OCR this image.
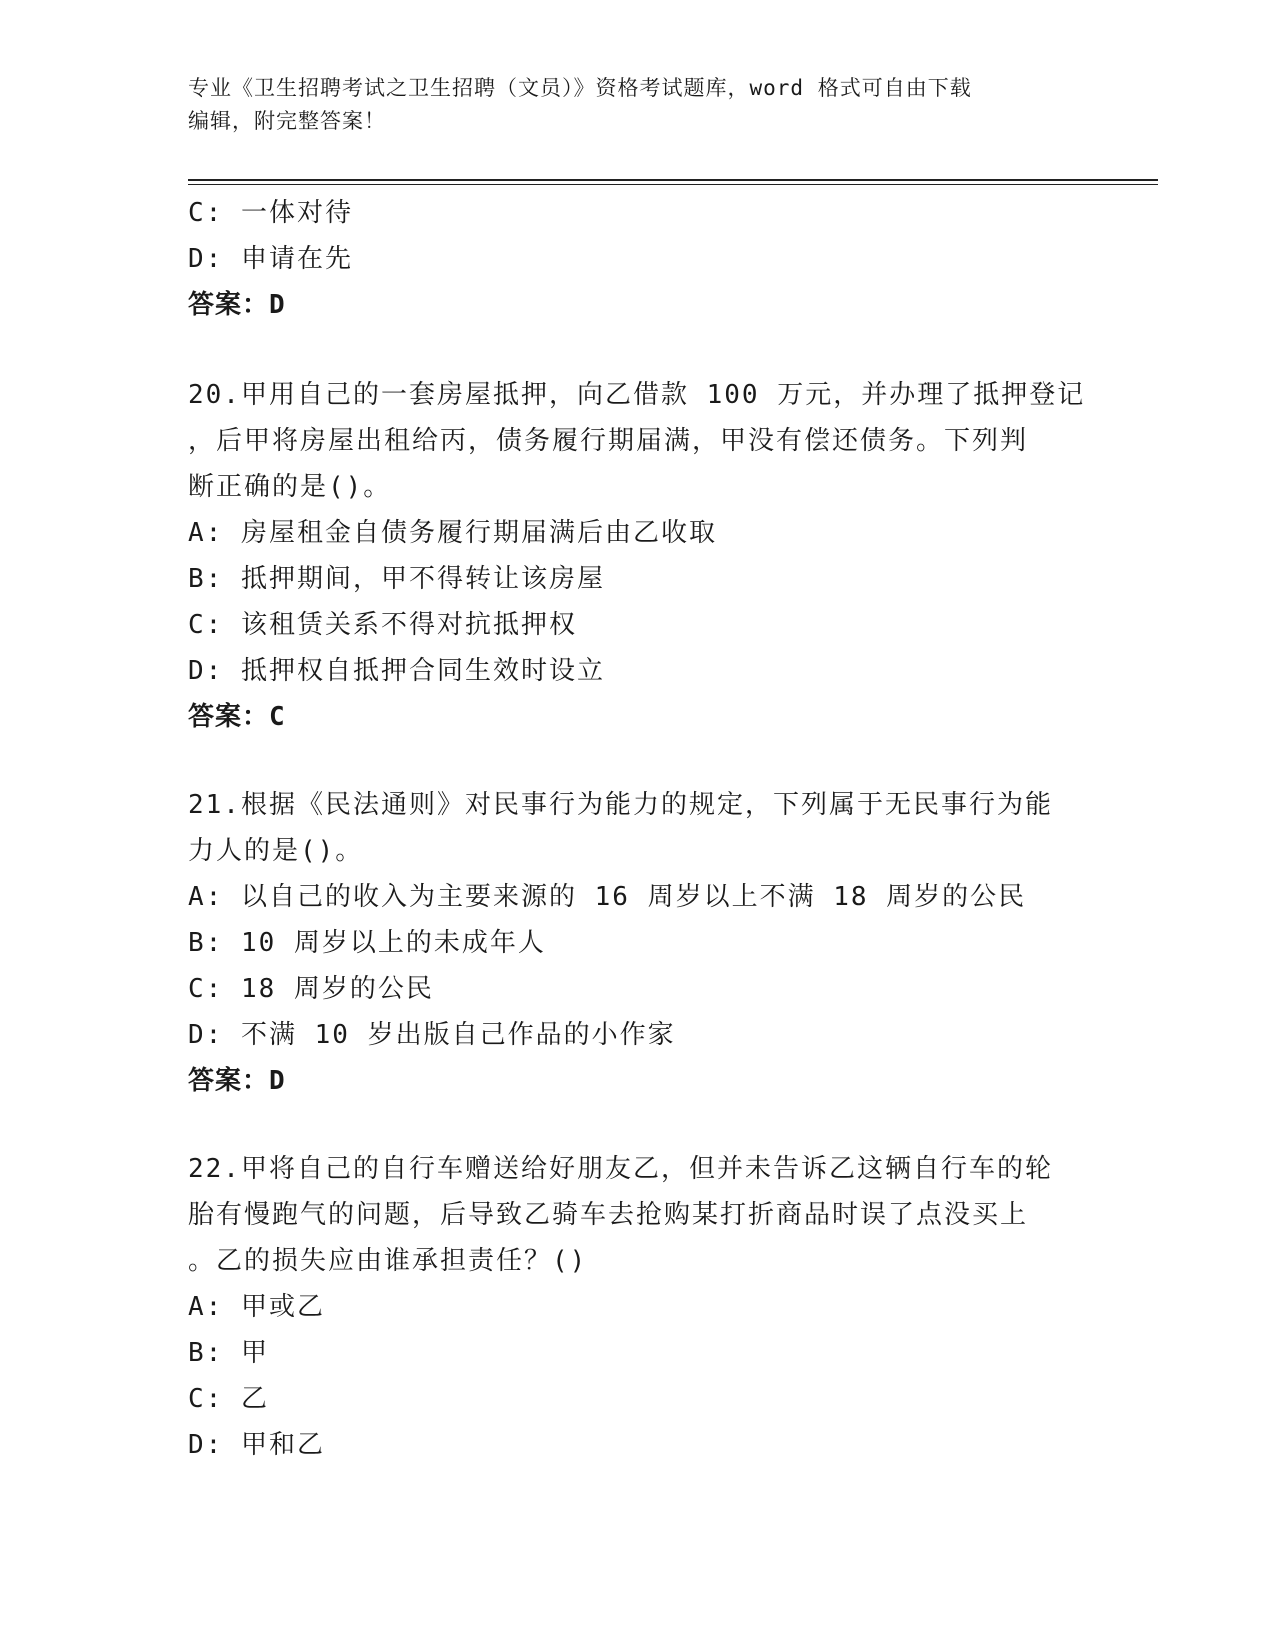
专业《卫生招聘考试之卫生招聘（文员）》资格考试题库，word 格式可自由下载
编辑，附完整答案！
C: 一体对待
D: 申请在先
答案：D
20.甲用自己的一套房屋抵押，向乙借款 100 万元，并办理了抵押登记
，后甲将房屋出租给丙，债务履行期届满，甲没有偿还债务。下列判
断正确的是()。
A: 房屋租金自债务履行期届满后由乙收取
B: 抵押期间，甲不得转让该房屋
C: 该租赁关系不得对抗抵押权
D: 抵押权自抵押合同生效时设立
答案：C
21.根据《民法通则》对民事行为能力的规定，下列属于无民事行为能
力人的是()。
A: 以自己的收入为主要来源的 16 周岁以上不满 18 周岁的公民
B: 10 周岁以上的未成年人
C: 18 周岁的公民
D: 不满 10 岁出版自己作品的小作家
答案：D
22.甲将自己的自行车赠送给好朋友乙，但并未告诉乙这辆自行车的轮
胎有慢跑气的问题，后导致乙骑车去抢购某打折商品时误了点没买上
。乙的损失应由谁承担责任？()
A: 甲或乙
B: 甲
C: 乙
D: 甲和乙
